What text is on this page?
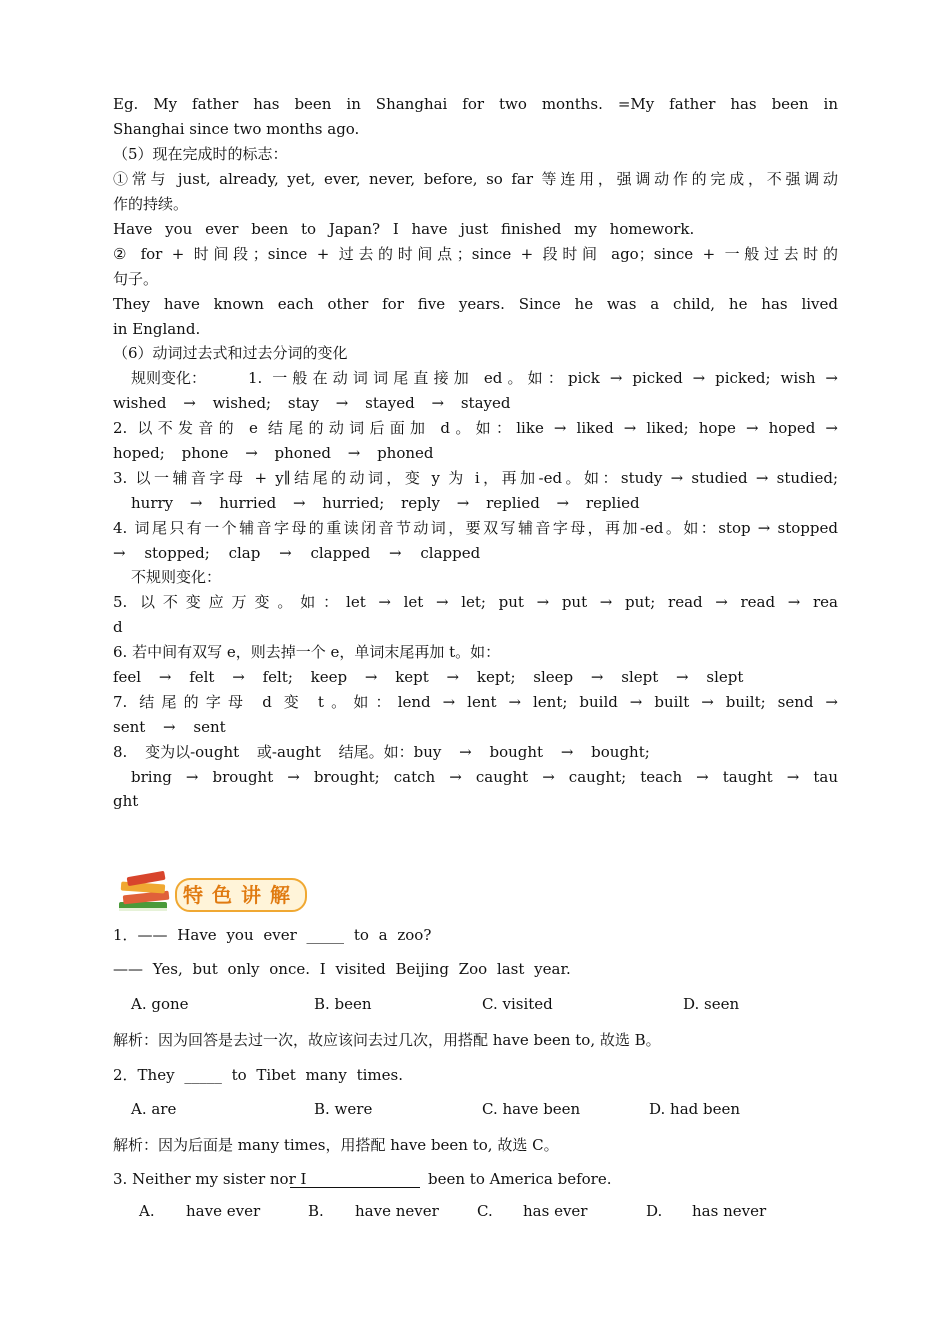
Eg. My father has been in Shanghai for two months. =My father has been in
Shanghai since two months ago.
（5）现在完成时的标志：
①常与 just, already, yet, ever, never, before, so far 等连用，强调动作的完成，不强调动
作的持续。
Have you ever been to Japan? I have just finished my homework.
② for + 时间段；since + 过去的时间点；since + 段时间 ago；since + 一般过去时的
句子。
They have known each other for five years. Since he was a child, he has lived
in England.
（6）动词过去式和过去分词的变化
规则变化：	1. 一般在动词词尾直接加 ed。如：pick → picked → picked; wish →
wished → wished; stay → stayed → stayed
2. 以不发音的 e 结尾的动词后面加 d。如：like → liked → liked; hope → hoped →
hoped; phone → phoned → phoned
3. 以一辅音字母 + y∥结尾的动词，变 y 为 i，再加-ed。如：study → studied → studied;
hurry → hurried → hurried; reply → replied → replied
4. 词尾只有一个辅音字母的重读闭音节动词，要双写辅音字母，再加-ed。如：stop → stopped
→ stopped; clap → clapped → clapped
不规则变化：
5. 以不变应万变。如：let → let → let; put → put → put; read → read → rea
d
6. 若中间有双写 e，则去掉一个 e，单词末尾再加 t。如：
feel → felt → felt; keep → kept → kept; sleep → slept → slept
7. 结尾的字母 d 变 t。如：lend → lent → lent; build → built → built; send →
sent → sent
8. 变为以-ought 或-aught 结尾。如：buy → bought → bought;
bring → brought → brought; catch → caught → caught; teach → taught → tau
ght
特色讲解
1．—— Have you ever _____ to a zoo?
—— Yes, but only once. I visited Beijing Zoo last year.
A. gone	B. been	C. visited	D. seen
解析：因为回答是去过一次，故应该问去过几次，用搭配 have been to, 故选 B。
2．They _____ to Tibet many times.
A. are	B. were	C. have been	D. had been
解析：因为后面是 many times，用搭配 have been to, 故选 C。
3. Neither my sister nor I	been to America before.
A. have ever	B. have never	C. has ever	D. has never
